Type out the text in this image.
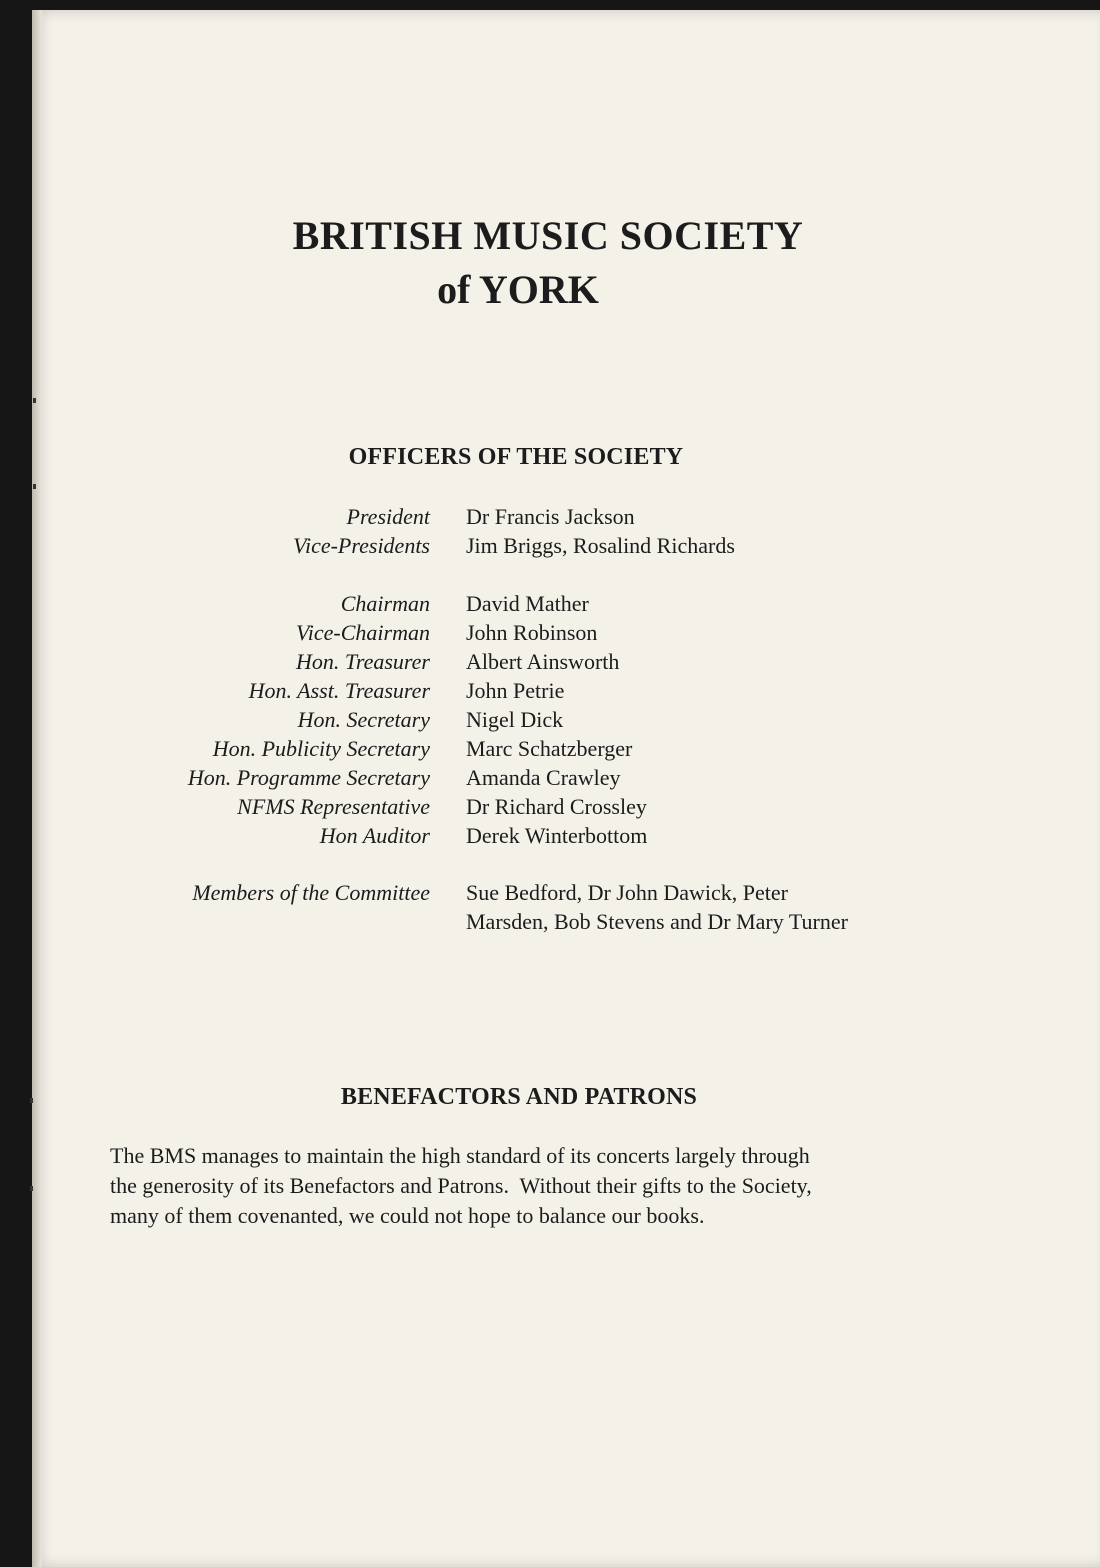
BRITISH MUSIC SOCIETY
of YORK
OFFICERS OF THE SOCIETY
President
Vice-Presidents
Dr Francis Jackson
Jim Briggs, Rosalind Richards
Chairman
Vice-Chairman
Hon. Treasurer
Hon. Asst. Treasurer
Hon. Secretary
Hon. Publicity Secretary
Hon. Programme Secretary
NFMS Representative
Hon Auditor
David Mather
John Robinson
Albert Ainsworth
John Petrie
Nigel Dick
Marc Schatzberger
Amanda Crawley
Dr Richard Crossley
Derek Winterbottom
Members of the Committee Sue Bedford, Dr John Dawick, Peter
Marsden, Bob Stevens and Dr Mary Turner
BENEFACTORS AND PATRONS
The BMS manages to maintain the high standard of its concerts largely through
the generosity of its Benefactors and Patrons.  Without their gifts to the Society,
many of them covenanted, we could not hope to balance our books.
